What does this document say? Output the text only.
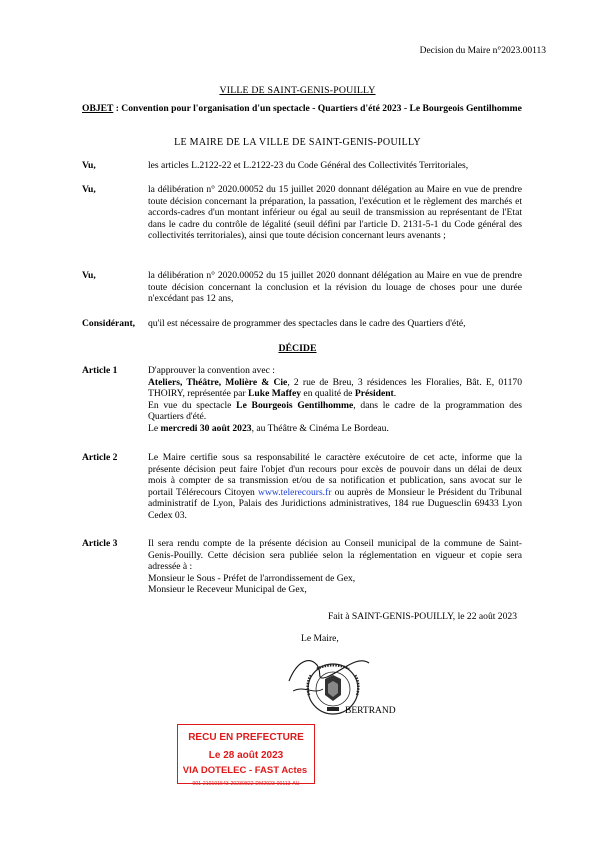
Decision du Maire n°2023.00113
VILLE DE SAINT-GENIS-POUILLY
OBJET : Convention pour l'organisation d'un spectacle - Quartiers d'été 2023 - Le Bourgeois Gentilhomme
LE MAIRE DE LA VILLE DE SAINT-GENIS-POUILLY
Vu,	les articles L.2122-22 et L.2122-23 du Code Général des Collectivités Territoriales,
Vu,	la délibération n° 2020.00052 du 15 juillet 2020 donnant délégation au Maire en vue de prendre toute décision concernant la préparation, la passation, l'exécution et le règlement des marchés et accords-cadres d'un montant inférieur ou égal au seuil de transmission au représentant de l'Etat dans le cadre du contrôle de légalité (seuil défini par l'article D. 2131-5-1 du Code général des collectivités territoriales), ainsi que toute décision concernant leurs avenants ;
Vu,	la délibération n° 2020.00052 du 15 juillet 2020 donnant délégation au Maire en vue de prendre toute décision concernant la conclusion et la révision du louage de choses pour une durée n'excédant pas 12 ans,
Considérant, qu'il est nécessaire de programmer des spectacles dans le cadre des Quartiers d'été,
DÉCIDE
Article 1	D'approuver la convention avec :
Ateliers, Théâtre, Molière & Cie, 2 rue de Breu, 3 résidences les Floralies, Bât. E, 01170 THOIRY, représentée par Luke Maffey en qualité de Président.
En vue du spectacle Le Bourgeois Gentilhomme, dans le cadre de la programmation des Quartiers d'été.
Le mercredi 30 août 2023, au Théâtre & Cinéma Le Bordeau.
Article 2	Le Maire certifie sous sa responsabilité le caractère exécutoire de cet acte, informe que la présente décision peut faire l'objet d'un recours pour excès de pouvoir dans un délai de deux mois à compter de sa transmission et/ou de sa notification et publication, sans avocat sur le portail Télérecours Citoyen www.telerecours.fr ou auprès de Monsieur le Président du Tribunal administratif de Lyon, Palais des Juridictions administratives, 184 rue Duguesclin 69433 Lyon Cedex 03.
Article 3	Il sera rendu compte de la présente décision au Conseil municipal de la commune de Saint-Genis-Pouilly. Cette décision sera publiée selon la réglementation en vigueur et copie sera adressée à :
Monsieur le Sous - Préfet de l'arrondissement de Gex,
Monsieur le Receveur Municipal de Gex,
Fait à SAINT-GENIS-POUILLY, le 22 août 2023
Le Maire,
BERTRAND
RECU EN PREFECTURE
Le 28 août 2023
VIA DOTELEC - FAST Actes
001-210101543-20230822-DM2023-00113-AU
